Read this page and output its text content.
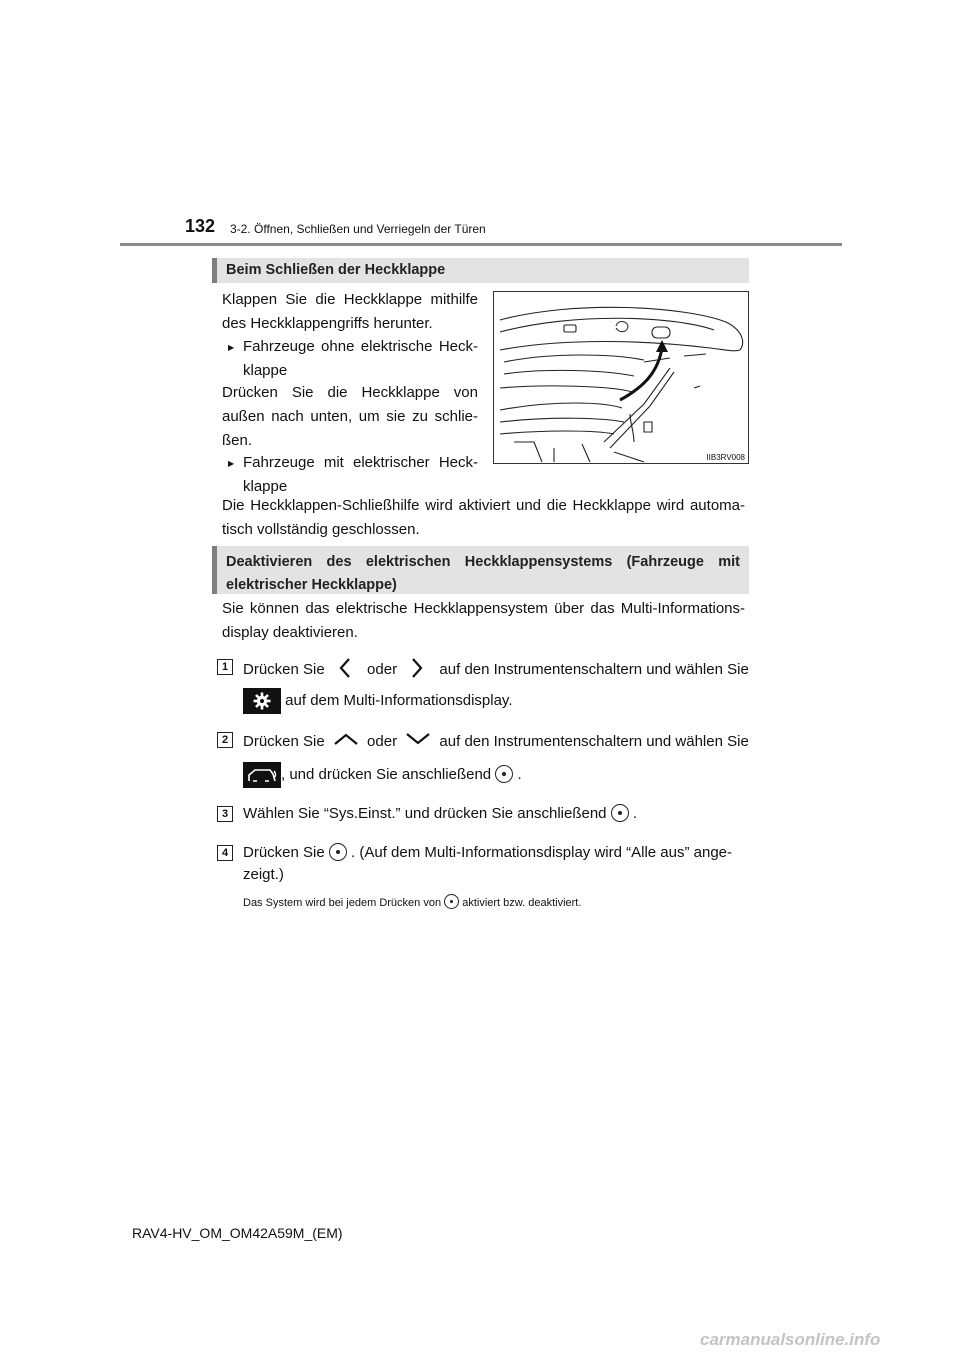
132 3-2. Öffnen, Schließen und Verriegeln der Türen
Beim Schließen der Heckklappe
Klappen Sie die Heckklappe mithilfe
des Heckklappengriffs herunter.
▶ Fahrzeuge ohne elektrische Heck-
klappe
Drücken Sie die Heckklappe von
außen nach unten, um sie zu schlie-
ßen.
▶ Fahrzeuge mit elektrischer Heck-
klappe
Die Heckklappen-Schließhilfe wird aktiviert und die Heckklappe wird automa-
tisch vollständig geschlossen.
IIB3RV008
Deaktivieren des elektrischen Heckklappensystems (Fahrzeuge mit
elektrischer Heckklappe)
Sie können das elektrische Heckklappensystem über das Multi-Informations-
display deaktivieren.
1 Drücken Sie	oder	auf den Instrumentenschaltern und wählen Sie
auf dem Multi-Informationsdisplay.
2 Drücken Sie	oder	auf den Instrumentenschaltern und wählen Sie
, und drücken Sie anschließend .
3 Wählen Sie “Sys.Einst.” und drücken Sie anschließend .
4 Drücken Sie . (Auf dem Multi-Informationsdisplay wird “Alle aus” ange-
zeigt.)
Das System wird bei jedem Drücken von aktiviert bzw. deaktiviert.
RAV4-HV_OM_OM42A59M_(EM)
carmanualsonline.info
